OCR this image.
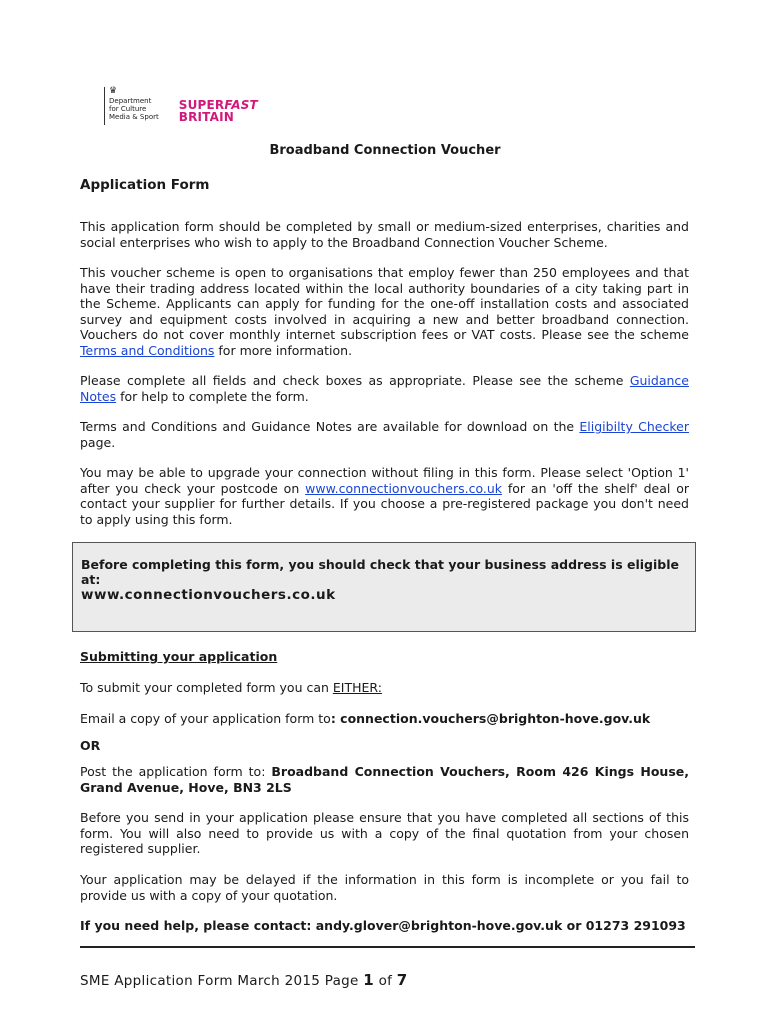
♛
Department
for Culture
Media & Sport
SUPERFAST
BRITAIN
Broadband Connection Voucher
Application Form
This application form should be completed by small or medium-sized enterprises, charities and social enterprises who wish to apply to the Broadband Connection Voucher Scheme.
This voucher scheme is open to organisations that employ fewer than 250 employees and that have their trading address located within the local authority boundaries of a city taking part in the Scheme. Applicants can apply for funding for the one-off installation costs and associated survey and equipment costs involved in acquiring a new and better broadband connection. Vouchers do not cover monthly internet subscription fees or VAT costs. Please see the scheme Terms and Conditions for more information.
Please complete all fields and check boxes as appropriate. Please see the scheme Guidance Notes for help to complete the form.
Terms and Conditions and Guidance Notes are available for download on the Eligibilty Checker page.
You may be able to upgrade your connection without filing in this form. Please select 'Option 1' after you check your postcode on www.connectionvouchers.co.uk for an 'off the shelf' deal or contact your supplier for further details. If you choose a pre-registered package you don't need to apply using this form.
Before completing this form, you should check that your business address is eligible at:
www.connectionvouchers.co.uk
Submitting your application
To submit your completed form you can EITHER:
Email a copy of your application form to: connection.vouchers@brighton-hove.gov.uk
OR
Post the application form to: Broadband Connection Vouchers, Room 426 Kings House, Grand Avenue, Hove, BN3 2LS
Before you send in your application please ensure that you have completed all sections of this form. You will also need to provide us with a copy of the final quotation from your chosen registered supplier.
Your application may be delayed if the information in this form is incomplete or you fail to provide us with a copy of your quotation.
If you need help, please contact: andy.glover@brighton-hove.gov.uk or 01273 291093
SME Application Form March 2015 Page 1 of 7
